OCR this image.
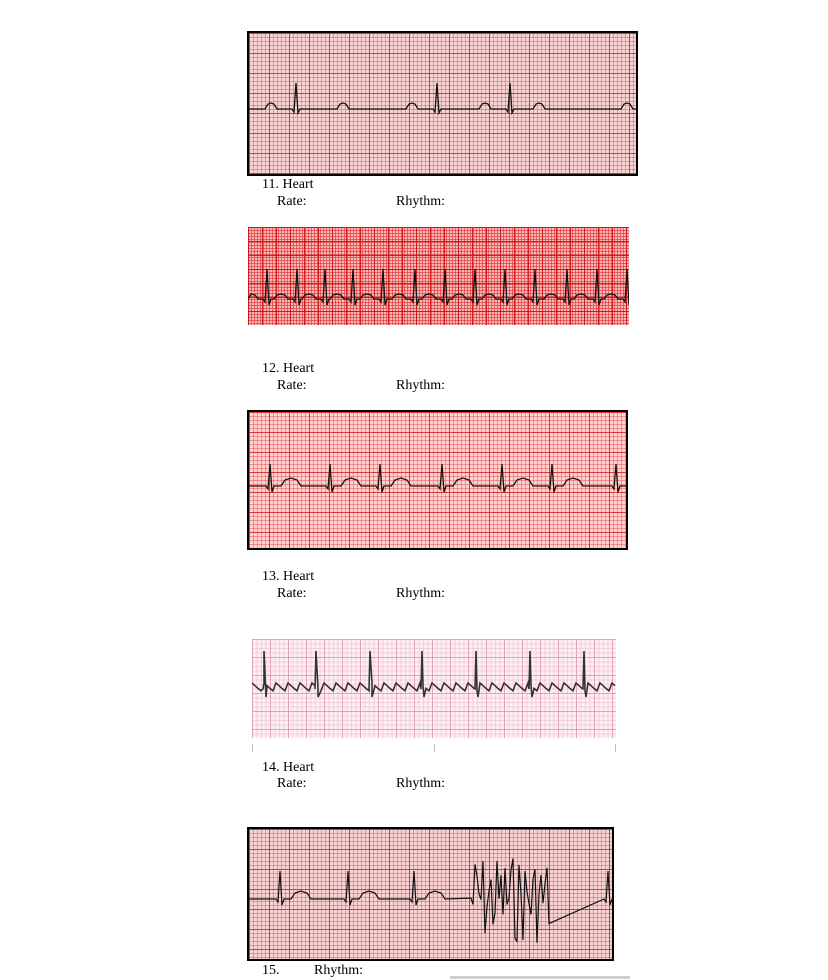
11. Heart
Rate:	Rhythm:
12. Heart
Rate:	Rhythm:
13. Heart
Rate:	Rhythm:
14. Heart
Rate:	Rhythm:
15. Rhythm:
